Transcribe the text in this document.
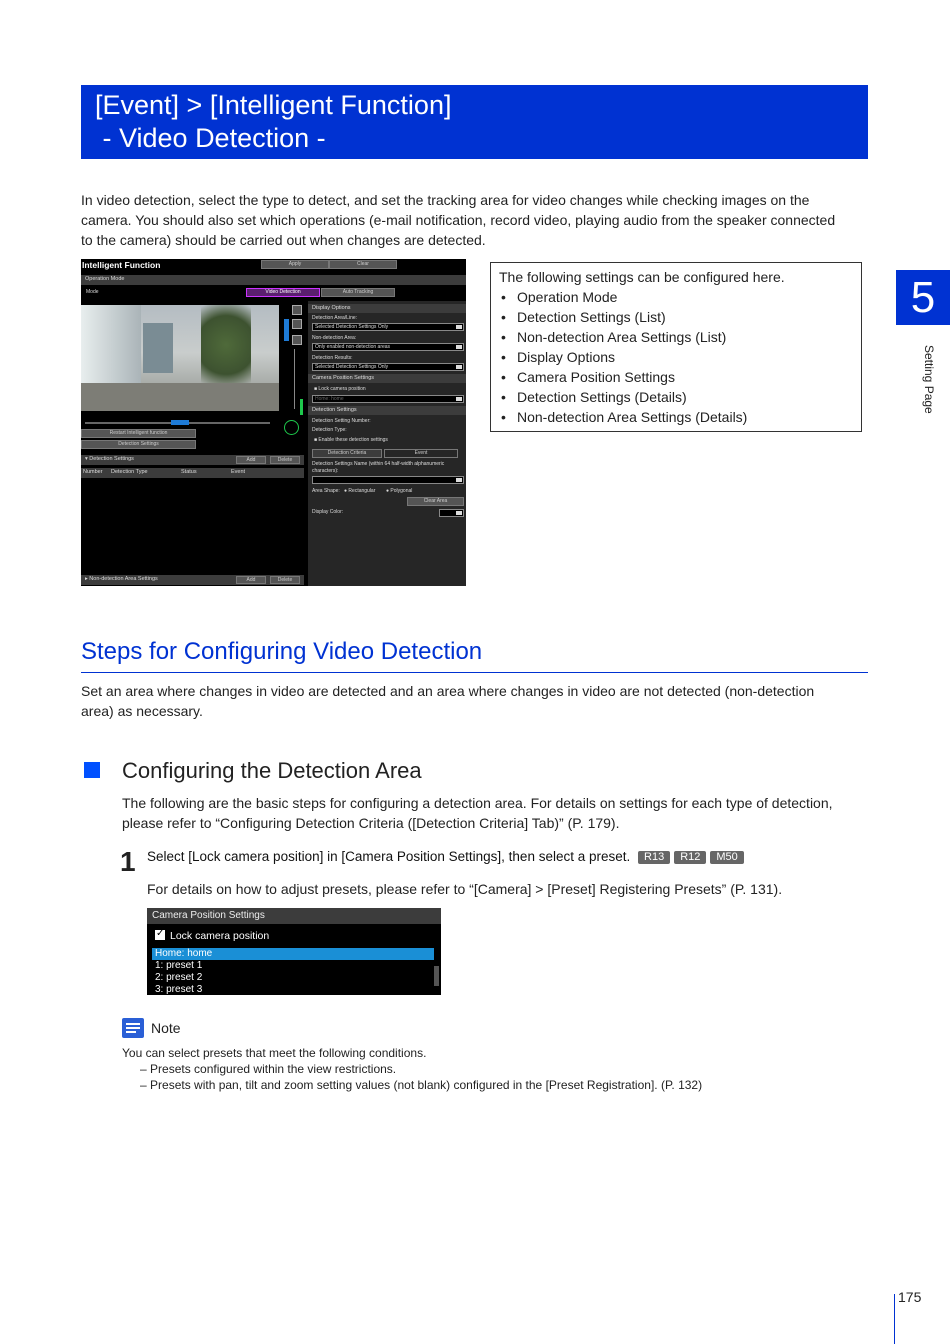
[Event] > [Intelligent Function]
- Video Detection -
In video detection, select the type to detect, and set the tracking area for video changes while checking images on the
camera. You should also set which operations (e-mail notification, record video, playing audio from the speaker connected
to the camera) should be carried out when changes are detected.
Intelligent Function	Apply	Clear
Operation Mode
Mode	Video Detection	Auto Tracking
Restart Intelligent function
Detection Settings
▾ Detection Settings	Add	Delete
Number Detection Type	Status	Event
▸ Non-detection Area Settings	Add	Delete
Display Options
Detection Area/Line:
Selected Detection Settings Only
Non-detection Area:
Only enabled non-detection areas
Detection Results:
Selected Detection Settings Only
Camera Position Settings
■ Lock camera position
Home: home
Detection Settings
Detection Setting Number:
Detection Type:
■ Enable these detection settings
Detection Criteria	Event
Detection Settings Name (within 64 half-width alphanumeric
characters):
Area Shape: ● Rectangular ● Polygonal
Clear Area
Display Color:
The following settings can be configured here.
• Operation Mode
• Detection Settings (List)
• Non-detection Area Settings (List)
• Display Options
• Camera Position Settings
• Detection Settings (Details)
• Non-detection Area Settings (Details)
5
Setting Page
Steps for Configuring Video Detection
Set an area where changes in video are detected and an area where changes in video are not detected (non-detection
area) as necessary.
Configuring the Detection Area
The following are the basic steps for configuring a detection area. For details on settings for each type of detection,
please refer to “Configuring Detection Criteria ([Detection Criteria] Tab)” (P. 179).
1 Select [Lock camera position] in [Camera Position Settings], then select a preset. R13 R12 M50
For details on how to adjust presets, please refer to “[Camera] > [Preset] Registering Presets” (P. 131).
Camera Position Settings
✓Lock camera position
Home: home
1: preset 1
2: preset 2
3: preset 3
Note
You can select presets that meet the following conditions.
– Presets configured within the view restrictions.
– Presets with pan, tilt and zoom setting values (not blank) configured in the [Preset Registration]. (P. 132)
175
